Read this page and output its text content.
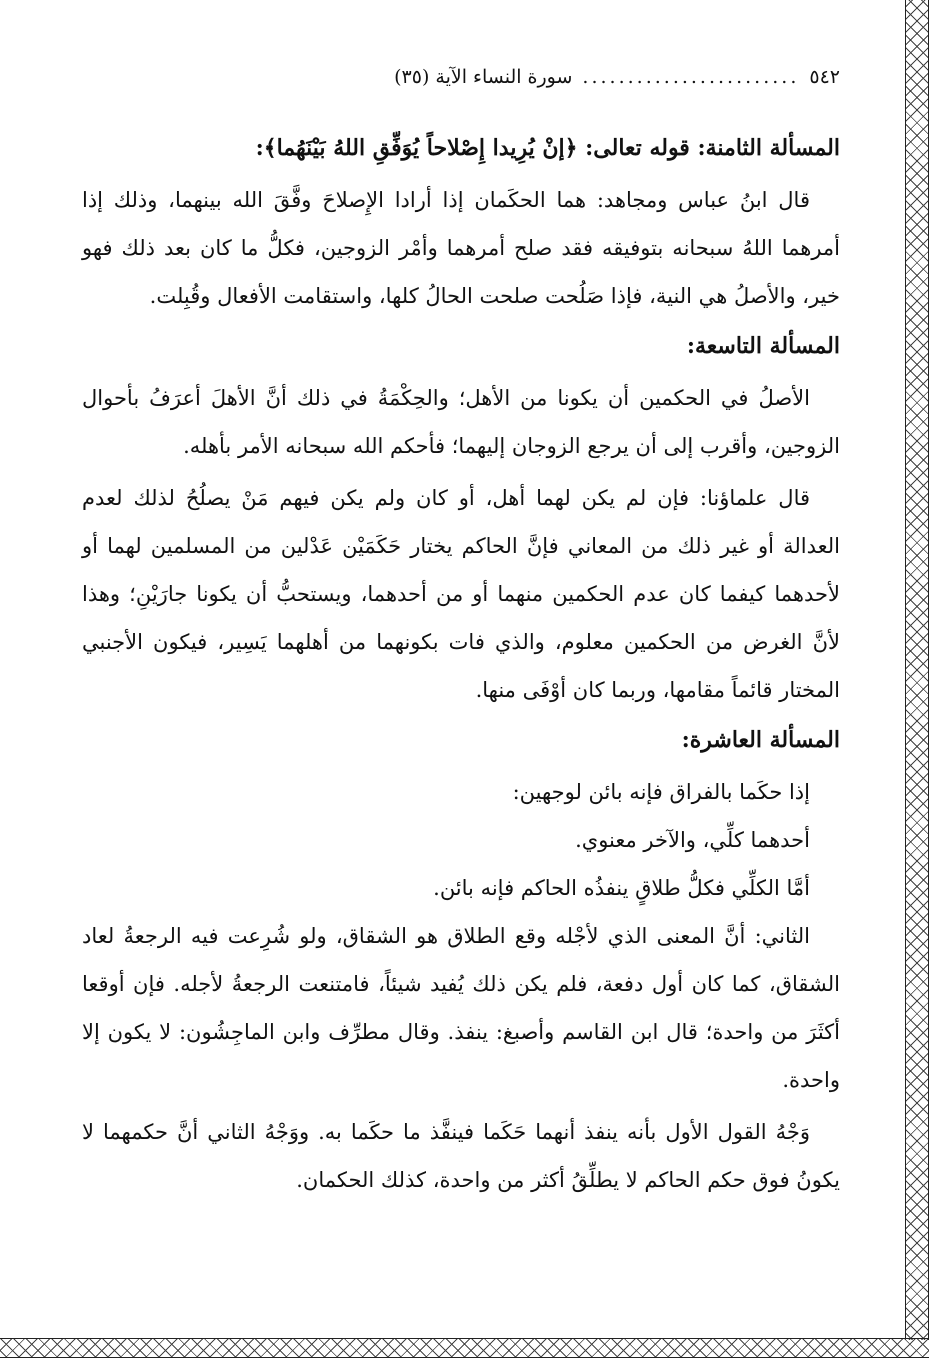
٥٤٢
........................
سورة النساء الآية (٣٥)
المسألة الثامنة: قوله تعالى: ﴿إنْ يُرِيدا إِصْلاحاً يُوَفِّقِ اللهُ بَيْنَهُما﴾:

قال ابنُ عباس ومجاهد: هما الحكَمان إذا أرادا الإِصلاحَ وفَّقَ الله بينهما، وذلك إذا أمرهما اللهُ سبحانه بتوفيقه فقد صلح أمرهما وأمْر الزوجين، فكلُّ ما كان بعد ذلك فهو خير، والأصلُ هي النية، فإذا صَلُحت صلحت الحالُ كلها، واستقامت الأفعال وقُبِلت.

المسألة التاسعة:

الأصلُ في الحكمين أن يكونا من الأهل؛ والحِكْمَةُ في ذلك أنَّ الأهلَ أعرَفُ بأحوال الزوجين، وأقرب إلى أن يرجع الزوجان إليهما؛ فأحكم الله سبحانه الأمر بأهله.

قال علماؤنا: فإن لم يكن لهما أهل، أو كان ولم يكن فيهم مَنْ يصلُحُ لذلك لعدم العدالة أو غير ذلك من المعاني فإنَّ الحاكم يختار حَكَمَيْن عَدْلين من المسلمين لهما أو لأحدهما كيفما كان عدم الحكمين منهما أو من أحدهما، ويستحبُّ أن يكونا جارَيْنِ؛ وهذا لأنَّ الغرض من الحكمين معلوم، والذي فات بكونهما من أهلهما يَسِير، فيكون الأجنبي المختار قائماً مقامها، وربما كان أوْفَى منها.

المسألة العاشرة:

إذا حكَما بالفراق فإنه بائن لوجهين:

أحدهما كلِّي، والآخر معنوي.

أمَّا الكلِّي فكلُّ طلاقٍ ينفذُه الحاكم فإنه بائن.

الثاني: أنَّ المعنى الذي لأجْله وقع الطلاق هو الشقاق، ولو شُرِعت فيه الرجعةُ لعاد الشقاق، كما كان أول دفعة، فلم يكن ذلك يُفيد شيئاً، فامتنعت الرجعةُ لأجله. فإن أوقعا أكثَرَ من واحدة؛ قال ابن القاسم وأصبغ: ينفذ. وقال مطرِّف وابن الماجِشُون: لا يكون إلا واحدة.

وَجْهُ القول الأول بأنه ينفذ أنهما حَكَما فينفَّذ ما حكَما به. ووَجْهُ الثاني أنَّ حكمهما لا يكونُ فوق حكم الحاكم لا يطلِّقُ أكثر من واحدة، كذلك الحكمان.
